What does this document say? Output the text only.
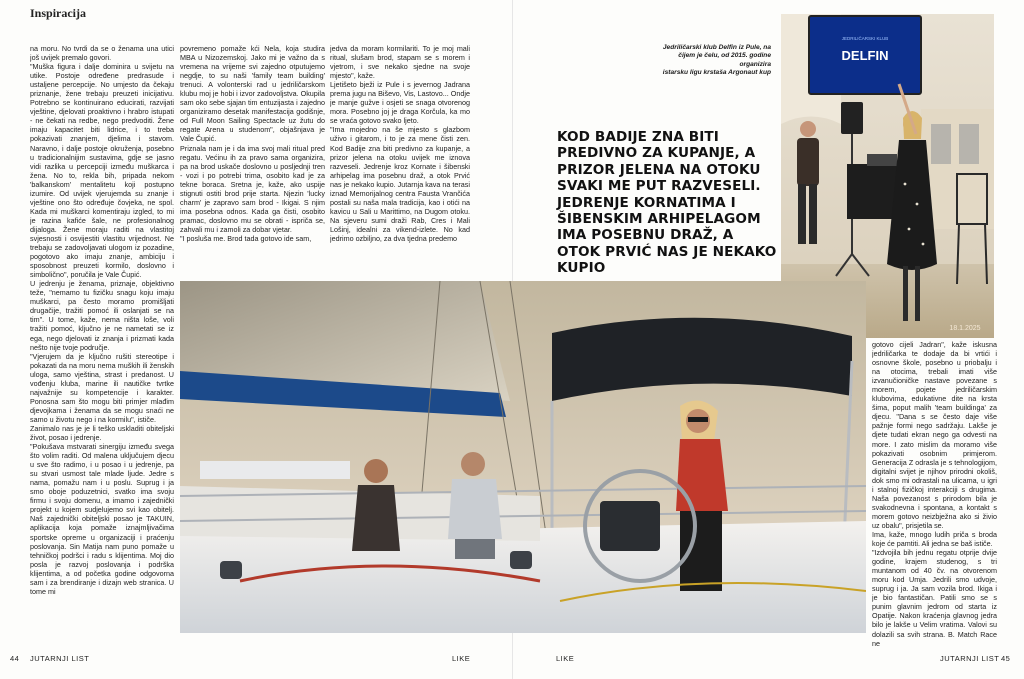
Inspiracija

na moru. No tvrdi da se o ženama una utici još uvijek premalo govori.

"Muška figura i dalje dominira u svijetu na utike. Postoje određene predrasude i ustaljene percepcije. No umjesto da čekaju priznanje, žene trebaju preuzeti inicijativu. Potrebno se kontinuirano educirati, razvijati vještine, djelovati proaktivno i hrabro istupati - ne čekati na redbe, nego predvoditi. Žene imaju kapacitet biti lidrice, i to treba pokazivati znanjem, djelima i stavom. Naravno, i dalje postoje okruženja, posebno u tradicionalnijim sustavima, gdje se jasno vidi razlika u percepciji između muškarca i žena. No to, rekla bih, pripada nekom 'balkanskom' mentalitetu koji postupno izumire. Od uvijek vjerujemda su znanje i vještine ono što određuje čovjeka, ne spol. Kada mi muškarci komentiraju izgled, to mi je razina kafiće šale, ne profesionalnog dijaloga. Žene moraju raditi na vlastitoj svjesnosti i osvijestiti vlastitu vrijednost. Ne trebaju se zadovoljavati ulogom iz pozadine, pogotovo ako imaju znanje, ambiciju i sposobnost preuzeti kormilo, doslovno i simbolično", poručila je Vale Čupić.

U jedrenju je ženama, priznaje, objektivno teže, "nemamo tu fizičku snagu koju imaju muškarci, pa često moramo promišljati drugačije, tražiti pomoć ili oslanjati se na tim". U tome, kaže, nema ništa loše, voli tražiti pomoć, ključno je ne nametati se iz ega, nego djelovati iz znanja i prizmati kada nešto nije tvoje područje.

"Vjerujem da je ključno rušiti stereotipe i pokazati da na moru nema muških ili ženskih uloga, samo vještina, strast i predanost. U vođenju kluba, marine ili nautičke tvrtke najvažnije su kompetencije i karakter. Ponosna sam što mogu biti primjer mlađim djevojkama i ženama da se mogu snaći ne samo u životu nego i na kormilu", ističe.

Zanimalo nas je je li teško uskladiti obiteljski život, posao i jedrenje.

"Pokušava mstvarati sinergiju između svega što volim raditi. Od malena uključujem djecu u sve što radimo, i u posao i u jedrenje, pa su stvari usmost tale mlade ljude. Jedre s nama, pomažu nam i u poslu. Suprug i ja smo oboje poduzetnici, svatko ima svoju firmu i svoju domenu, a imamo i zajednički projekt u kojem sudjelujemo svi kao obitelj. Naš zajednički obiteljski posao je TAKUIN, aplikacija koja pomaže iznajmljivačima sportske opreme u organizaciji i praćenju poslovanja. Sin Matija nam puno pomaže u tehničkoj podršci i radu s klijentima. Moj dio posla je razvoj poslovanja i podrška klijentima, a od početka godine odgovorna sam i za brendiranje i dizajn web stranica. U tome mi

povremeno pomaže kći Nela, koja studira MBA u Nizozemskoj. Jako mi je važno da s vremena na vrijeme svi zajedno otputujemo negdje, to su naši 'family team building' trenuci. A volonterski rad u jedriličarskom klubu moj je hobi i izvor zadovoljstva. Okupila sam oko sebe sjajan tim entuzijasta i zajedno organiziramo desetak manifestacija godišnje, od Full Moon Sailing Spectacle uz žutu do regate Arena u studenom", objašnjava je Vale Čupić.

Priznala nam je i da ima svoj mali ritual pred regatu. Većinu ih za pravo sama organizira, pa na brod uskače doslovno u posljednji tren - vozi i po potrebi trima, osobito kad je za tekne boraca. Sretna je, kaže, ako uspije stignuti ostiti brod prije starta. Njezin 'lucky charm' je zapravo sam brod - Ikigai. S njim ima posebna odnos. Kada ga čisti, osobito pramac, doslovno mu se obrati - ispriča se, zahvali mu i zamoli za dobar vjetar.

"I posluša me. Brod tada gotovo ide sam,

jedva da moram kormilariti. To je moj mali ritual, slušam brod, stapam se s morem i vjetrom, i sve nekako sjedne na svoje mjesto", kaže.

Ljetišeto bježi iz Pule i s jevernog Jadrana prema jugu na Biševo, Vis, Lastovo... Ondje je manje gužve i osjeti se snaga otvorenog mora. Posebno joj je draga Korčula, ka mo se vraća gotovo svako ljeto.

"Ima mojedno na še mjesto s glazbom uživo i gitarom, i to je za mene čisti zen. Kod Badije zna biti predivno za kupanje, a prizor jelena na otoku uvijek me iznova razveseli. Jedrenje kroz Kornate i šibenski arhipelag ima posebnu draž, a otok Prvić nas je nekako kupio. Jutarnja kava na terasi iznad Memorijalnog centra Fausta Vrančića postali su naša mala tradicija, kao i otići na kavicu u Sali u Marittimo, na Dugom otoku. Na sjeveru sumi draži Rab, Cres i Mali Lošinj, idealni za vikend-izlete. No kad jedrimo ozbiljno, za dva tjedna predemo

Jedriličarski klub Delfin iz Pule, na
čijem je čelu, od 2015. godine organizira
istarsku ligu krstaša Argonaut kup
KOD BADIJE ZNA BITI PREDIVNO ZA KUPANJE, A PRIZOR JELENA NA OTOKU SVAKI ME PUT RAZVESELI. JEDRENJE KORNATIMA I ŠIBENSKIM ARHIPELAGOM IMA POSEBNU DRAŽ, A OTOK PRVIĆ NAS JE NEKAKO KUPIO
JEDRILIČARSKI KLUB
DELFIN
18.1.2025

gotovo cijeli Jadran", kaže iskusna jedriličarka te dodaje da bi vrtići i osnovne škole, posebno u priobalju i na otocima, trebali imati više izvanučioničke nastave povezane s morem, pojete jedriličarskim klubovima, edukativne dite na krsta šima, poput malih 'team buildinga' za djecu. "Dana s se često daje više pažnje formi nego sadržaju. Lakše je djete tudati ekran nego ga odvesti na more. I zato mislim da moramo više pokazivati osobnim primjerom. Generacija Z odrasla je s tehnologijom, digitalni svijet je njihov prirodni okoliš, dok smo mi odrastali na ulicama, u igri i stalnoj fizičkoj interakciji s drugima. Naša povezanost s prirodom bila je svakodnevna i spontana, a kontakt s morem gotovo neizbježna ako si živio uz obalu", prisjetila se.

Ima, kaže, mnogo ludih priča s broda koje će pamtiti. Ali jedna se baš ističe.

"Izdvojila bih jednu regatu otprije dvije godine, krajem studenog, s tri muntanom od 40 čv. na otvorenom moru kod Umja. Jedrili smo udvoje, suprug i ja. Ja sam vozila brod. Ikiga i je bio fantastičan. Patili smo se s punim glavnim jedrom od starta iz Opatije. Nakon kraćenja glavnog jedra bilo je lakše u Velim vratima. Valovi su dolazili sa svih strana. B. Match Race ne

44 JUTARNJI LIST	LIKE	LIKE	JUTARNJI LIST 45
